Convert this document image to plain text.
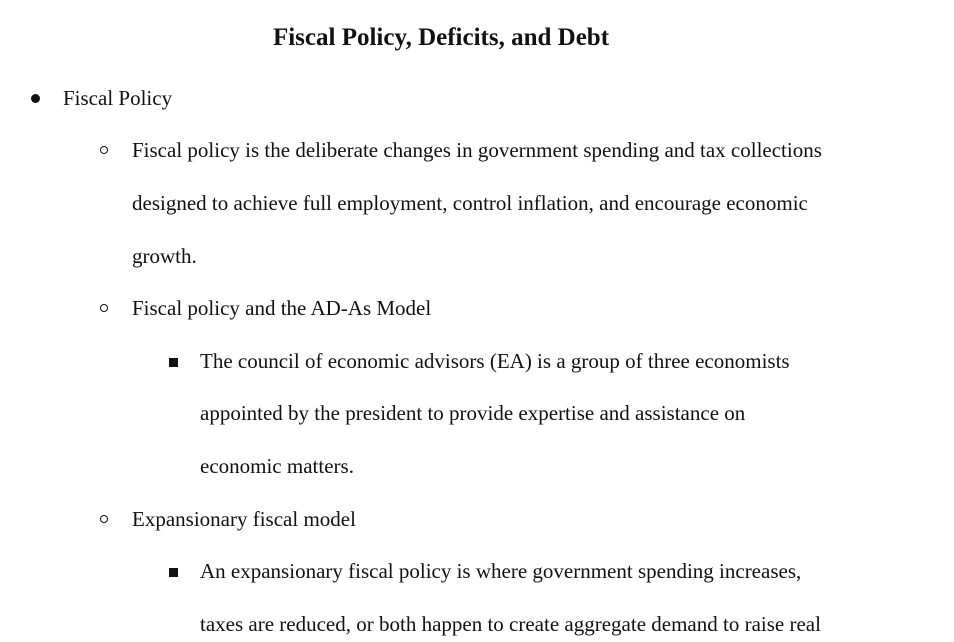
Fiscal Policy, Deficits, and Debt
Fiscal Policy
Fiscal policy is the deliberate changes in government spending and tax collections
designed to achieve full employment, control inflation, and encourage economic
growth.
Fiscal policy and the AD-As Model
The council of economic advisors (EA) is a group of three economists
appointed by the president to provide expertise and assistance on
economic matters.
Expansionary fiscal model
An expansionary fiscal policy is where government spending increases,
taxes are reduced, or both happen to create aggregate demand to raise real
